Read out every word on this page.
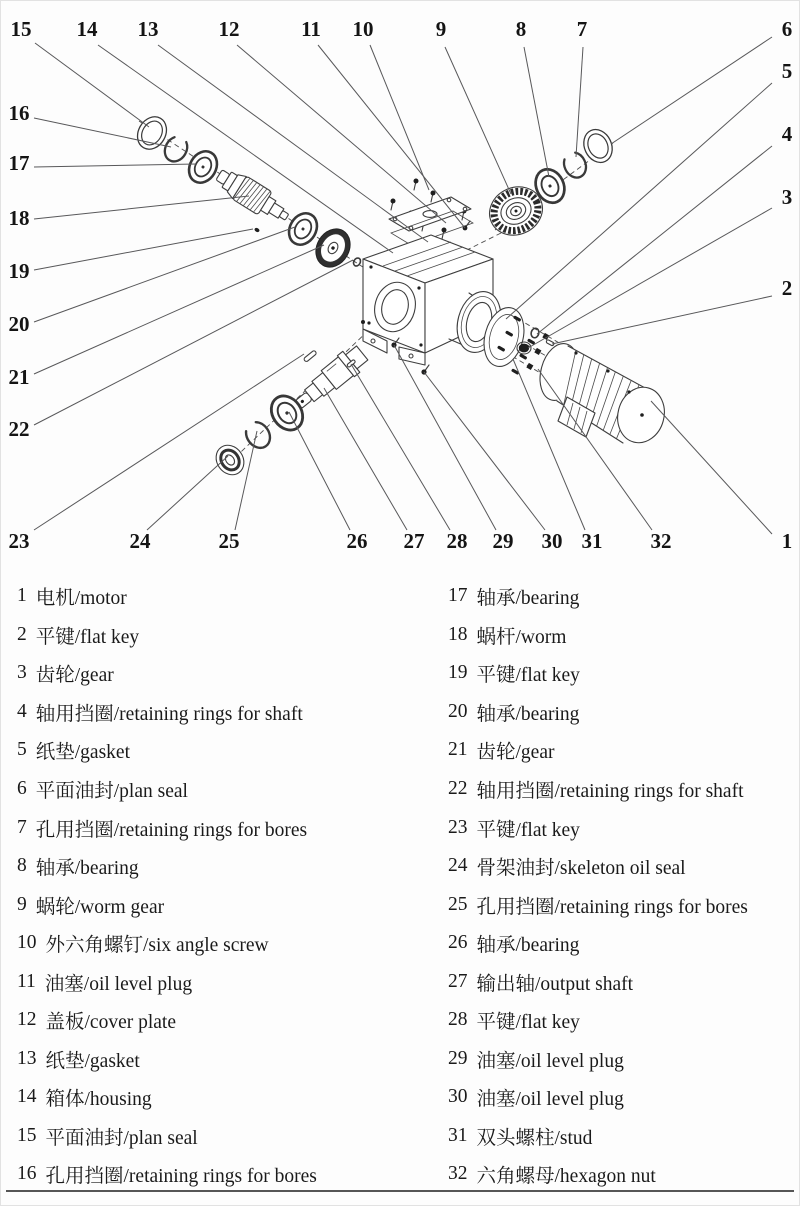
15 14 13	12	11 10	9	8 7	6
5
4
3
2
1
16
17
18
19
20
21
22
23	24	25	26 27 28 29 30 31 32
1 电机/motor
2 平键/flat key
3 齿轮/gear
4 轴用挡圈/retaining rings for shaft
5 纸垫/gasket
6 平面油封/plan seal
7 孔用挡圈/retaining rings for bores
8 轴承/bearing
9 蜗轮/worm gear
10 外六角螺钉/six angle screw
11 油塞/oil level plug
12 盖板/cover plate
13 纸垫/gasket
14 箱体/housing
15 平面油封/plan seal
16 孔用挡圈/retaining rings for bores
17 轴承/bearing
18 蜗杆/worm
19 平键/flat key
20 轴承/bearing
21 齿轮/gear
22 轴用挡圈/retaining rings for shaft
23 平键/flat key
24 骨架油封/skeleton oil seal
25 孔用挡圈/retaining rings for bores
26 轴承/bearing
27 输出轴/output shaft
28 平键/flat key
29 油塞/oil level plug
30 油塞/oil level plug
31 双头螺柱/stud
32 六角螺母/hexagon nut
